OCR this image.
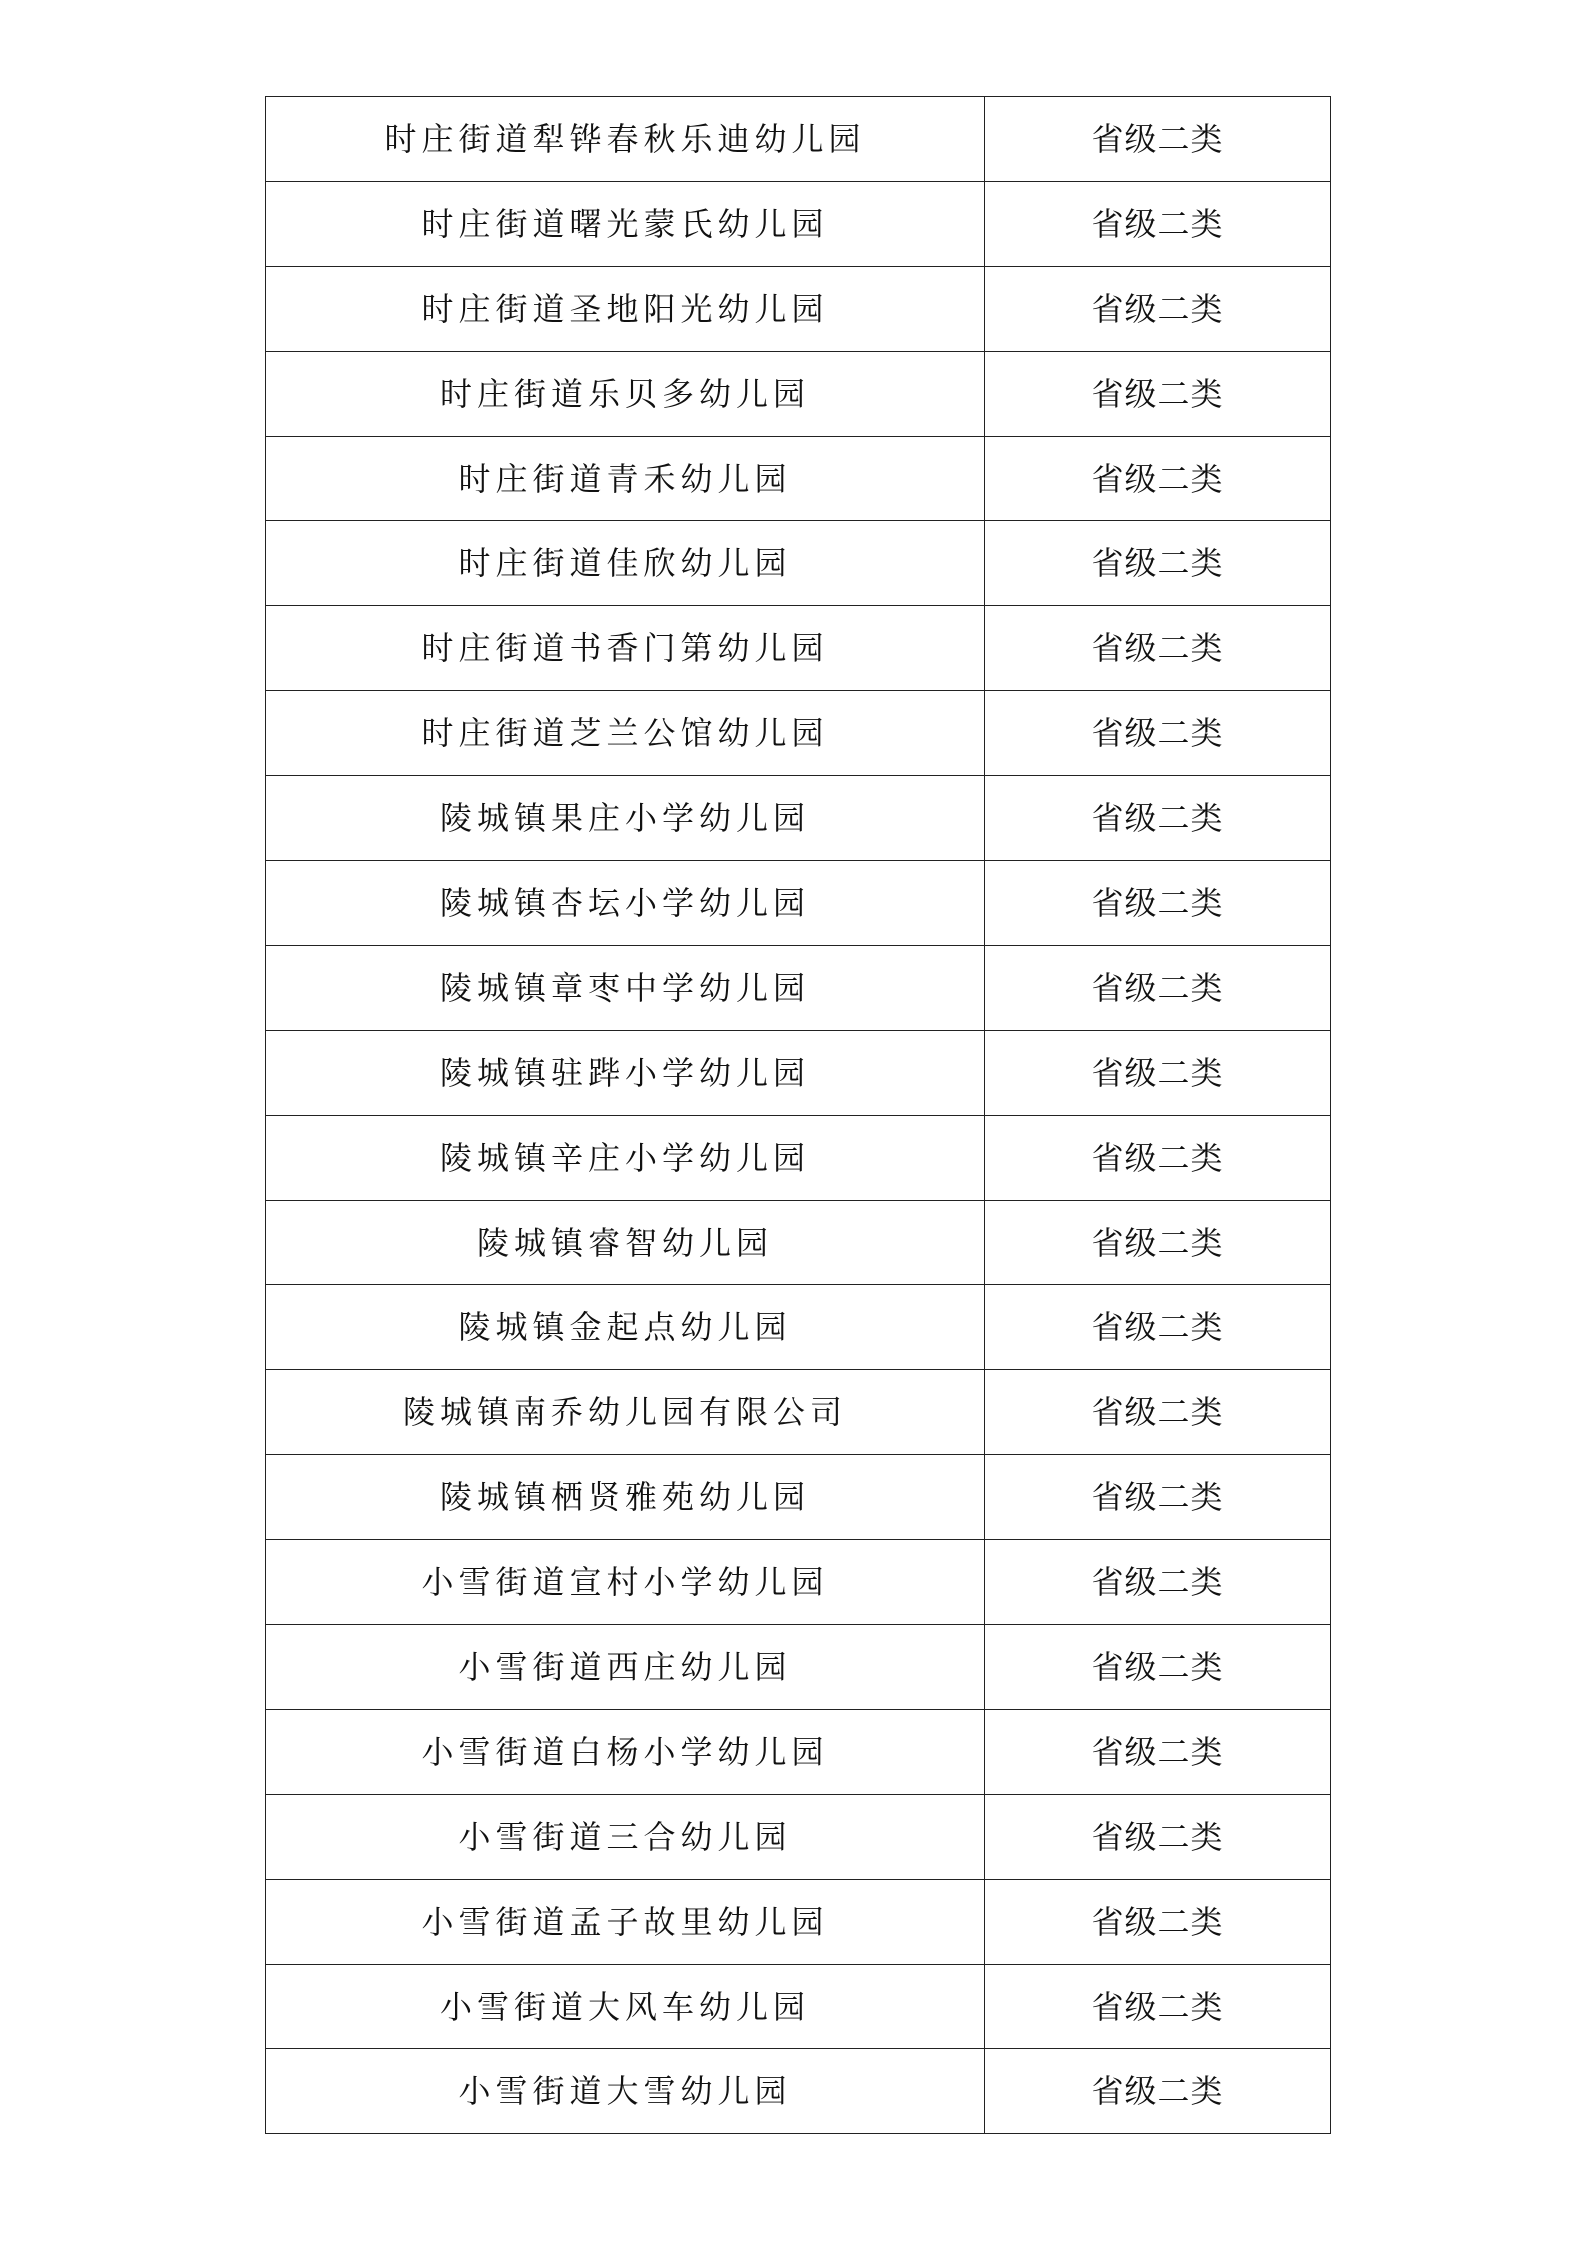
时庄街道犁铧春秋乐迪幼儿园	省级二类
时庄街道曙光蒙氏幼儿园	省级二类
时庄街道圣地阳光幼儿园	省级二类
时庄街道乐贝多幼儿园	省级二类
时庄街道青禾幼儿园	省级二类
时庄街道佳欣幼儿园	省级二类
时庄街道书香门第幼儿园	省级二类
时庄街道芝兰公馆幼儿园	省级二类
陵城镇果庄小学幼儿园	省级二类
陵城镇杏坛小学幼儿园	省级二类
陵城镇章枣中学幼儿园	省级二类
陵城镇驻跸小学幼儿园	省级二类
陵城镇辛庄小学幼儿园	省级二类
陵城镇睿智幼儿园	省级二类
陵城镇金起点幼儿园	省级二类
陵城镇南乔幼儿园有限公司	省级二类
陵城镇栖贤雅苑幼儿园	省级二类
小雪街道宣村小学幼儿园	省级二类
小雪街道西庄幼儿园	省级二类
小雪街道白杨小学幼儿园	省级二类
小雪街道三合幼儿园	省级二类
小雪街道孟子故里幼儿园	省级二类
小雪街道大风车幼儿园	省级二类
小雪街道大雪幼儿园	省级二类
